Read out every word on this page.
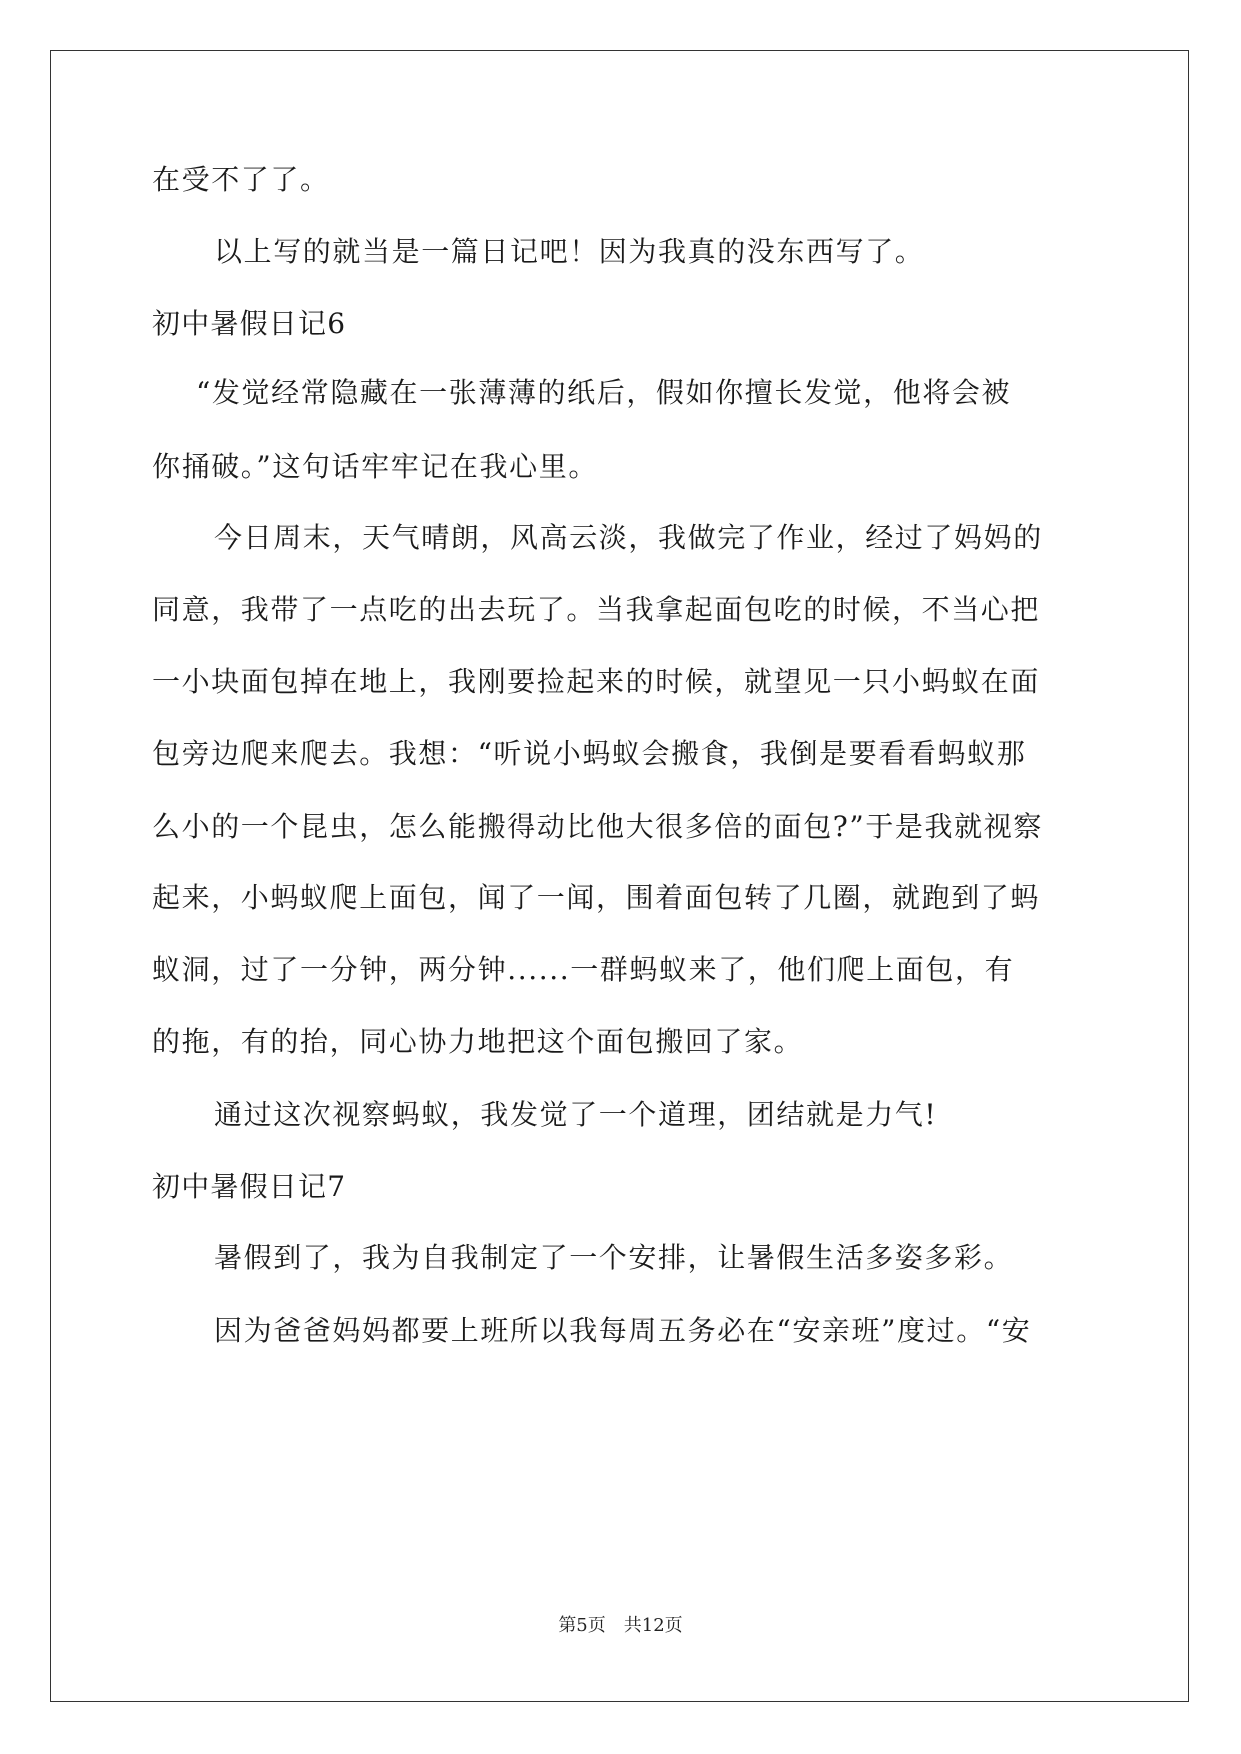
在受不了了。
以上写的就当是一篇日记吧！因为我真的没东西写了。
初中暑假日记6
“发觉经常隐藏在一张薄薄的纸后，假如你擅长发觉，他将会被
你捅破。”这句话牢牢记在我心里。
今日周末，天气晴朗，风高云淡，我做完了作业，经过了妈妈的
同意，我带了一点吃的出去玩了。当我拿起面包吃的时候，不当心把
一小块面包掉在地上，我刚要捡起来的时候，就望见一只小蚂蚁在面
包旁边爬来爬去。我想：“听说小蚂蚁会搬食，我倒是要看看蚂蚁那
么小的一个昆虫，怎么能搬得动比他大很多倍的面包?”于是我就视察
起来，小蚂蚁爬上面包，闻了一闻，围着面包转了几圈，就跑到了蚂
蚁洞，过了一分钟，两分钟......一群蚂蚁来了，他们爬上面包，有
的拖，有的抬，同心协力地把这个面包搬回了家。
通过这次视察蚂蚁，我发觉了一个道理，团结就是力气!
初中暑假日记7
暑假到了，我为自我制定了一个安排，让暑假生活多姿多彩。
因为爸爸妈妈都要上班所以我每周五务必在“安亲班”度过。“安
第5页　共12页
